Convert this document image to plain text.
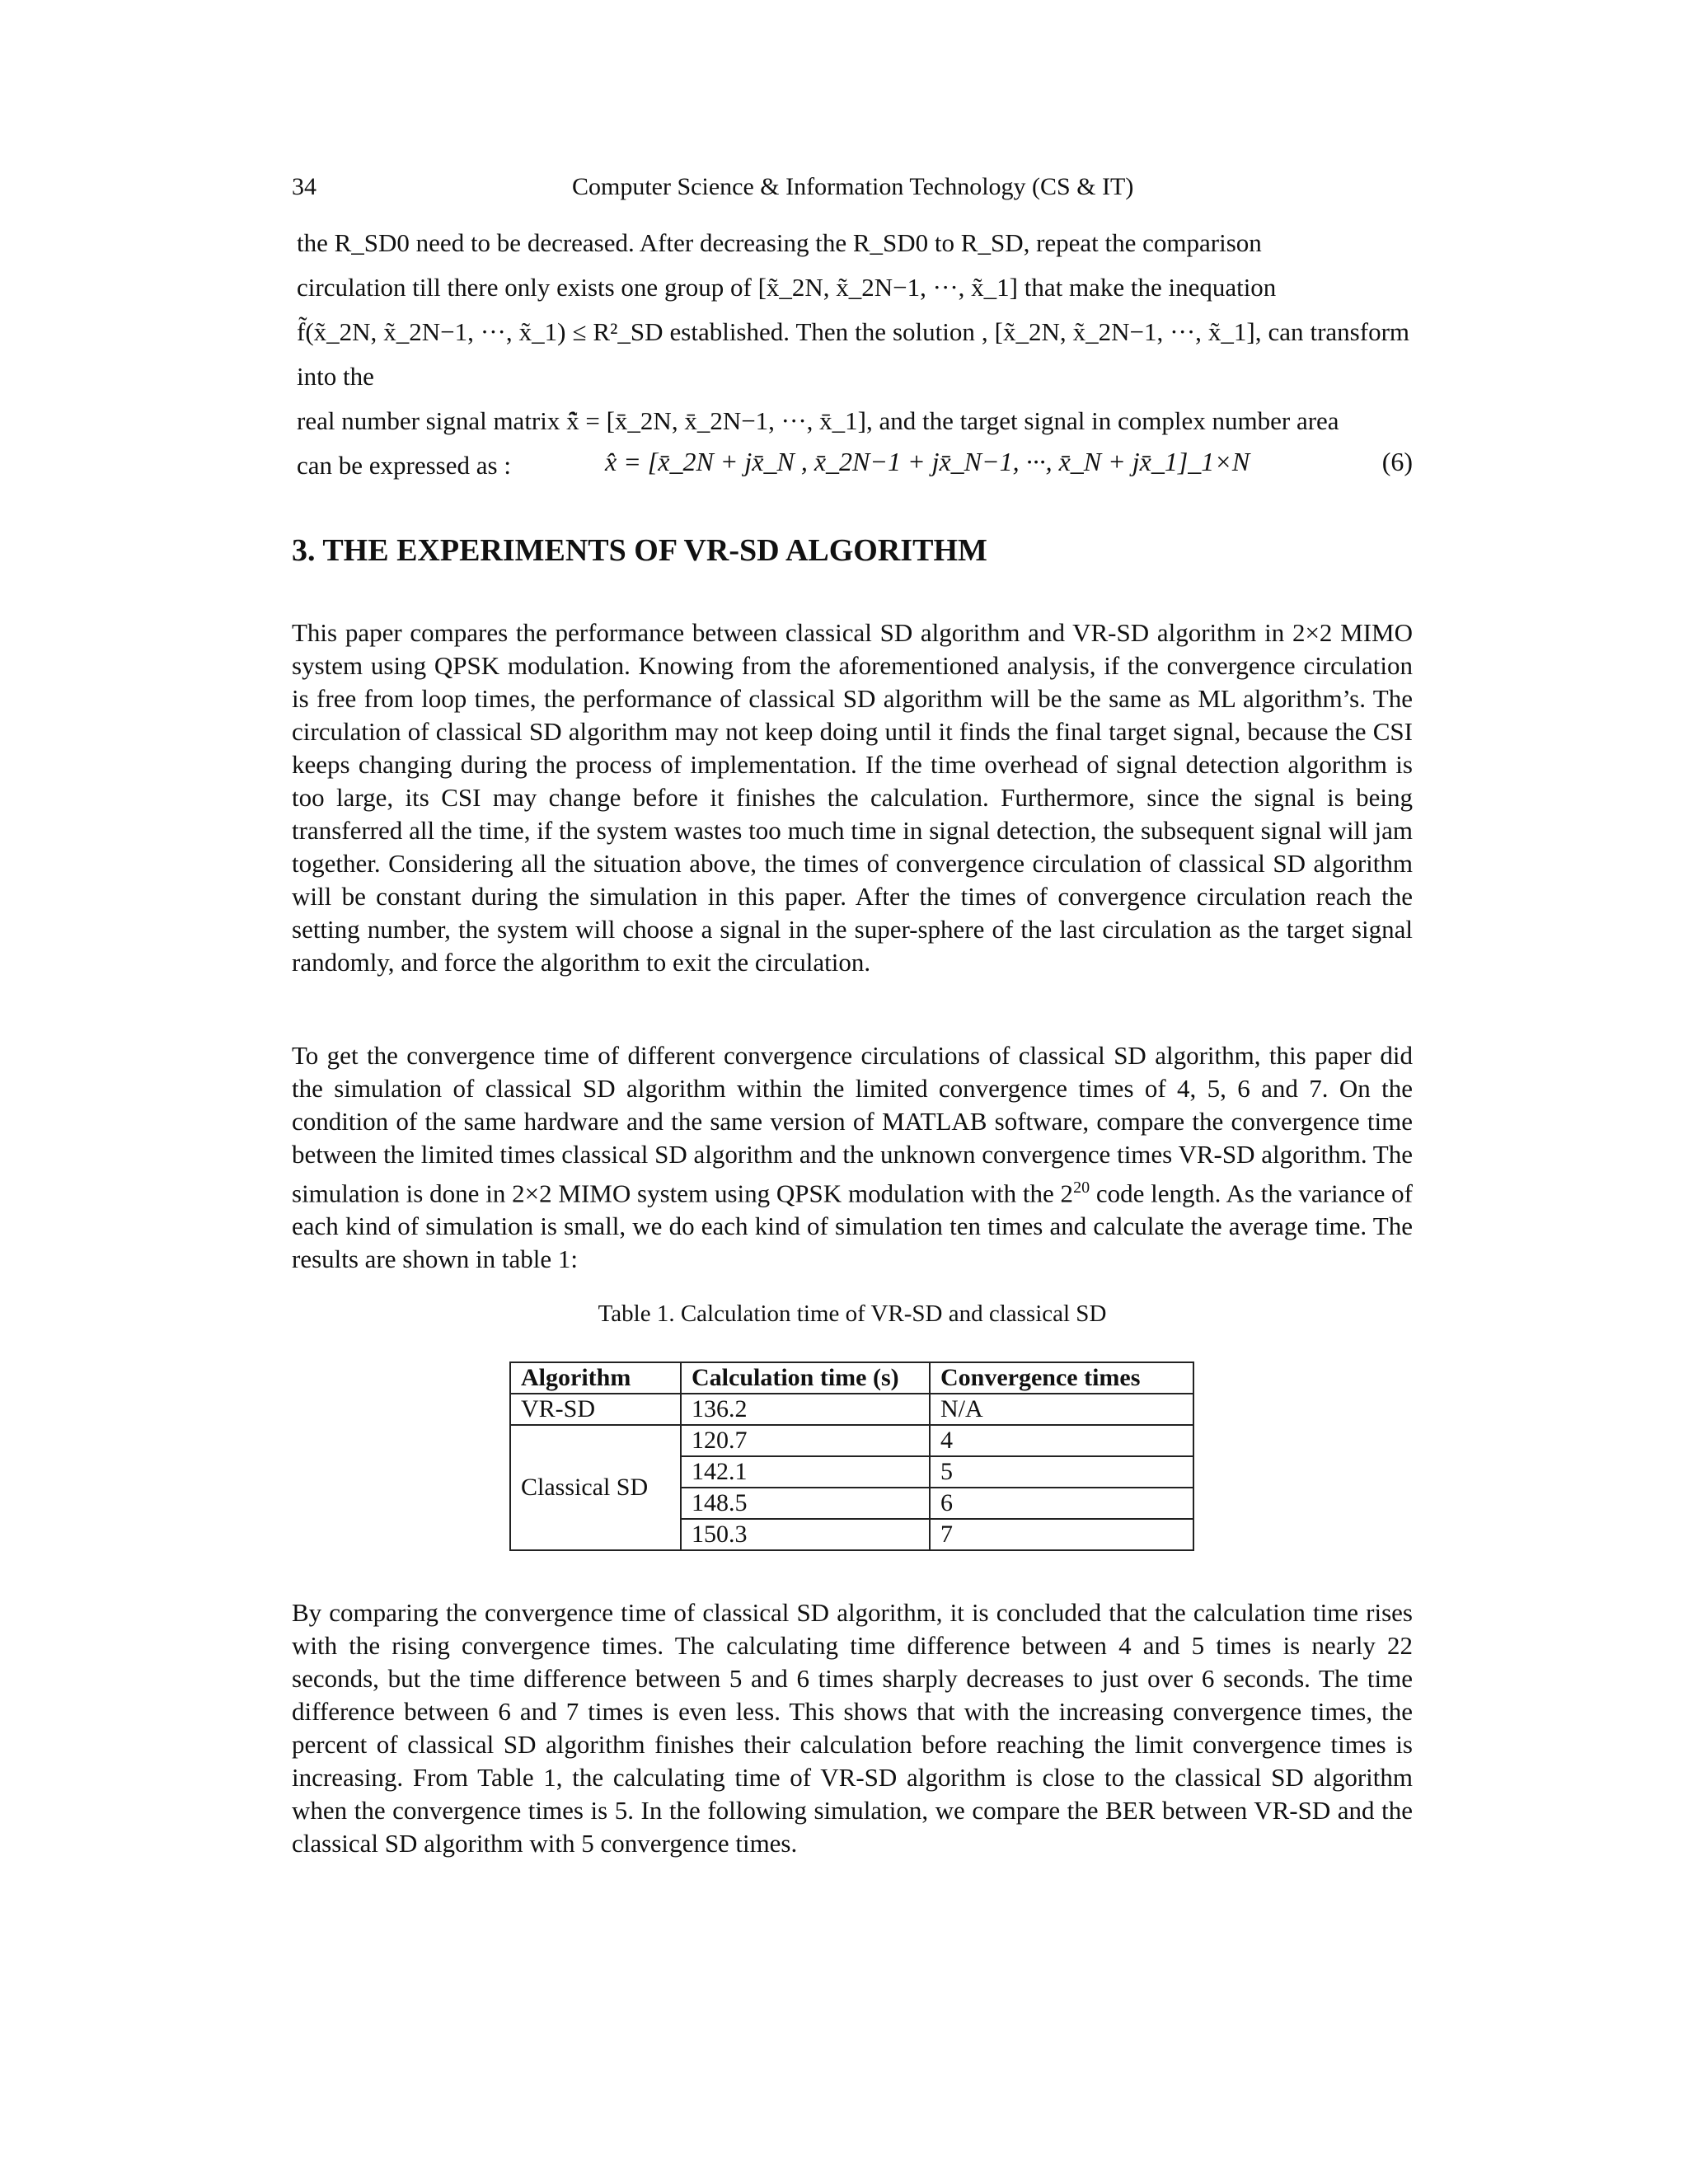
34	Computer Science & Information Technology (CS & IT)

the R_SD0 need to be decreased. After decreasing the R_SD0 to R_SD, repeat the comparison

circulation till there only exists one group of [x̃_2N, x̃_2N−1, ···, x̃_1] that make the inequation

f̃(x̃_2N, x̃_2N−1, ···, x̃_1) ≤ R²_SD established. Then the solution , [x̃_2N, x̃_2N−1, ···, x̃_1], can transform into the

real number signal matrix x̂̃ = [x̄_2N, x̄_2N−1, ···, x̄_1], and the target signal in complex number area

can be expressed as :	x̂ = [x̄_2N + jx̄_N , x̄_2N−1 + jx̄_N−1, ···, x̄_N + jx̄_1]_1×N	(6)
3. THE EXPERIMENTS OF VR-SD ALGORITHM
This paper compares the performance between classical SD algorithm and VR-SD algorithm in 2×2 MIMO system using QPSK modulation. Knowing from the aforementioned analysis, if the convergence circulation is free from loop times, the performance of classical SD algorithm will be the same as ML algorithm’s. The circulation of classical SD algorithm may not keep doing until it finds the final target signal, because the CSI keeps changing during the process of implementation. If the time overhead of signal detection algorithm is too large, its CSI may change before it finishes the calculation. Furthermore, since the signal is being transferred all the time, if the system wastes too much time in signal detection, the subsequent signal will jam together. Considering all the situation above, the times of convergence circulation of classical SD algorithm will be constant during the simulation in this paper. After the times of convergence circulation reach the setting number, the system will choose a signal in the super-sphere of the last circulation as the target signal randomly, and force the algorithm to exit the circulation.
To get the convergence time of different convergence circulations of classical SD algorithm, this paper did the simulation of classical SD algorithm within the limited convergence times of 4, 5, 6 and 7. On the condition of the same hardware and the same version of MATLAB software, compare the convergence time between the limited times classical SD algorithm and the unknown convergence times VR-SD algorithm. The simulation is done in 2×2 MIMO system using QPSK modulation with the $2^{20}$ code length. As the variance of each kind of simulation is small, we do each kind of simulation ten times and calculate the average time. The results are shown in table 1:
Table 1. Calculation time of VR-SD and classical SD
Algorithm	Calculation time (s)	Convergence times
VR-SD	136.2	N/A
Classical SD	120.7	4
	142.1	5
	148.5	6
	150.3	7
By comparing the convergence time of classical SD algorithm, it is concluded that the calculation time rises with the rising convergence times. The calculating time difference between 4 and 5 times is nearly 22 seconds, but the time difference between 5 and 6 times sharply decreases to just over 6 seconds. The time difference between 6 and 7 times is even less. This shows that with the increasing convergence times, the percent of classical SD algorithm finishes their calculation before reaching the limit convergence times is increasing. From Table 1, the calculating time of VR-SD algorithm is close to the classical SD algorithm when the convergence times is 5. In the following simulation, we compare the BER between VR-SD and the classical SD algorithm with 5 convergence times.
